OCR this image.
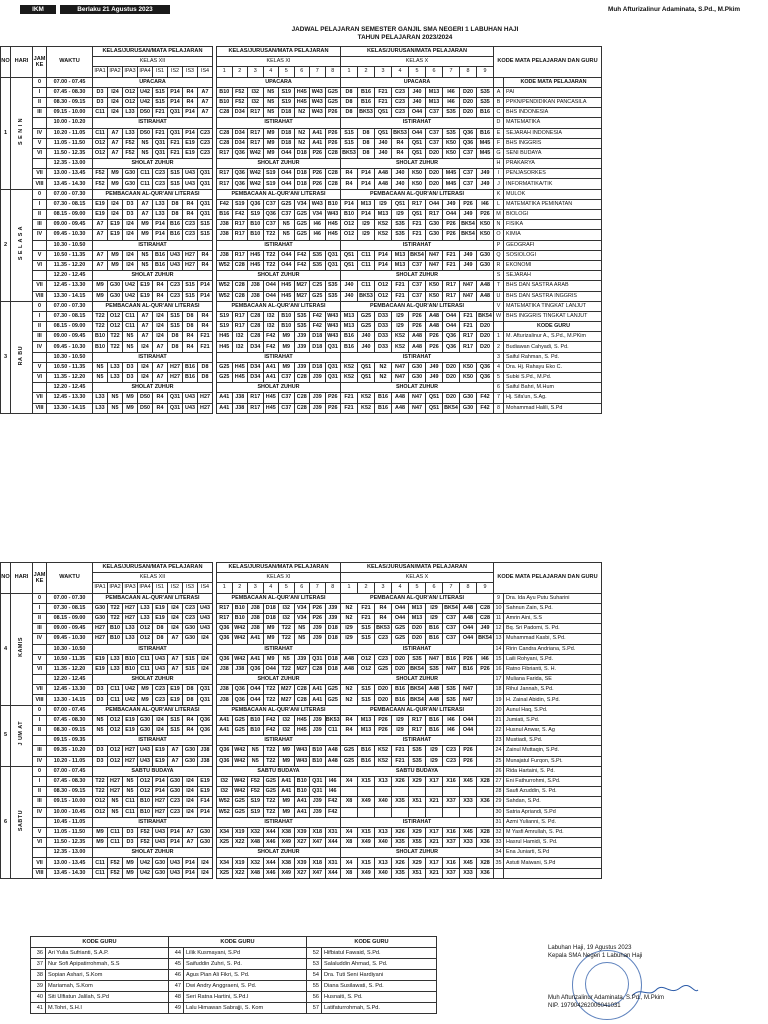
IKM	Berlaku 21 Agustus 2023	Muh Afturizalinur Adaminata, S.Pd., M.Pkim
JADWAL PELAJARAN SEMESTER GANJIL SMA NEGERI 1 LABUHAN HAJI
TAHUN PELAJARAN 2023/2024
NO	HARI	JAM KE	WAKTU	KELAS/JURUSAN/MATA PELAJARAN									KELAS/JURUSAN/MATA PELAJARAN								KELAS/JURUSAN/MATA PELAJARAN									KODE MATA PELAJARAN DAN GURU	
				KELAS XII									KELAS XI								KELAS X										
				IPA1	IPA2	IPA3	IPA4	IS1	IS2	IS3	IS4		1	2	3	4	5	6	7	8	1	2	3	4	5	6	7	8	9		
1	S E N I N	0	07.00 - 07.45	UPACARA									UPACARA								UPACARA										KODE MATA PELAJARAN
		I	07.45 - 08.30	D3	I24	O12	U42	S15	P14	R4	A7		B10	F52	I32	N5	S19	H45	W43	G25	D8	B16	F21	C23	J40	M13	I46	D20	S35	A	PAI
		II	08.30 - 09.15	D3	I24	O12	U42	S15	P14	R4	A7		B10	F52	I32	N5	S19	H45	W43	G25	D8	B16	F21	C23	J40	M13	I46	D20	S35	B	PPKN/PENDIDIKAN PANCASILA
		III	09.15 - 10.00	C11	I24	L33	D50	F21	Q31	P14	A7		C28	D34	R17	N5	D18	N2	W43	P26	D8	BK53	Q51	C23	O44	C37	S35	D20	B16	C	BHS INDONESIA
			10.00 - 10.20	ISTIRAHAT									ISTIRAHAT								ISTIRAHAT									D	MATEMATIKA
		IV	10.20 - 11.05	C11	A7	L33	D50	F21	Q31	P14	C23		C28	D34	R17	M9	D18	N2	A41	P26	S15	D8	Q51	BK53	O44	C37	S35	Q36	B16	E	SEJARAH INDONESIA
		V	11.05 - 11.50	O12	A7	F52	N5	Q31	F21	E19	C23		C28	D34	R17	M9	D18	N2	A41	P26	S15	D8	J40	R4	Q51	C37	K50	Q36	M45	F	BHS INGGRIS
		VI	11.50 - 12.35	O12	A7	F52	N5	Q31	F21	E19	C23		R17	Q36	W42	M9	O44	D18	P26	C28	BK53	D8	J40	R4	Q51	D20	K50	C37	M45	G	SENI BUDAYA
			12.35 - 13.00	SHOLAT ZUHUR									SHOLAT ZUHUR								SHOLAT ZUHUR									H	PRAKARYA
		VII	13.00 - 13.45	F52	M9	G30	C11	C23	S15	U43	Q31		R17	Q36	W42	S19	O44	D18	P26	C28	R4	P14	A48	J40	K50	D20	M45	C37	J49	I	PENJASORKES
		VIII	13.45 - 14.30	F52	M9	G30	C11	C23	S15	U43	Q31		R17	Q36	W42	S19	O44	D18	P26	C28	R4	P14	A48	J40	K50	D20	M45	C37	J49	J	INFORMATIKA/TIK
2	S E L A S A	0	07.00 - 07.30	PEMBACAAN AL-QUR'AN/ LITERASI									PEMBACAAN AL-QUR'AN/ LITERASI								PEMBACAAN AL-QUR'AN/ LITERASI									K	MULOK
		I	07.30 - 08.15	E19	I24	D3	A7	L33	D8	R4	Q31		F42	S19	Q36	C37	G25	V34	W43	B10	P14	M13	I29	Q51	R17	O44	J49	P26	I46	L	MATEMATIKA PEMINATAN
		II	08.15 - 09.00	E19	I24	D3	A7	L33	D8	R4	Q31		B16	F42	S19	Q36	C37	G25	V34	W43	B10	P14	M13	I29	Q51	R17	O44	J49	P26	M	BIOLOGI
		III	09.00 - 09.45	A7	E19	I24	M9	P14	B16	C23	S15		J38	R17	B10	C37	N5	G25	I46	H45	O12	I29	K52	S35	F21	G30	P26	BK54	K50	N	FISIKA
		IV	09.45 - 10.30	A7	E19	I24	M9	P14	B16	C23	S15		J38	R17	B10	T22	N5	G25	I46	H45	O12	I29	K52	S35	F21	G30	P26	BK54	K50	O	KIMIA
			10.30 - 10.50	ISTIRAHAT									ISTIRAHAT								ISTIRAHAT									P	GEOGRAFI
		V	10.50 - 11.35	A7	M9	I24	N5	B16	U43	H27	R4		J38	R17	H45	T22	O44	F42	S35	Q31	Q51	C11	P14	M13	BK54	N47	F21	J49	G30	Q	SOSIOLOGI
		VI	11.35 - 12.20	A7	M9	I24	N5	B16	U43	H27	R4		W52	C28	H45	T22	O44	F42	S35	Q31	Q51	C11	P14	M13	C37	N47	F21	J49	G30	R	EKONOMI
			12.20 - 12.45	SHOLAT ZUHUR									SHOLAT ZUHUR								SHOLAT ZUHUR									S	SEJARAH
		VII	12.45 - 13.30	M9	G30	U42	E19	R4	C23	S15	P14		W52	C28	J38	O44	H45	M27	C25	S35	J40	C11	O12	F21	C37	K50	R17	N47	A48	T	BHS DAN SASTRA ARAB
		VIII	13.30 - 14.15	M9	G30	U42	E19	R4	C23	S15	P14		W52	C28	J38	O44	H45	M27	G25	S35	J40	BK53	O12	F21	C37	K50	R17	N47	A48	U	BHS DAN SASTRA INGGRIS
3	RA BU	0	07.00 - 07.30	PEMBACAAN AL-QUR'AN/ LITERASI									PEMBACAAN AL-QUR'AN/ LITERASI								PEMBACAAN AL-QUR'AN/ LITERASI									V	MATEMATIKA TINGKAT LANJUT
		I	07.30 - 08.15	T22	O12	C11	A7	I24	S15	D8	R4		S19	R17	C28	I32	B10	S35	F42	W43	M13	G25	D33	I29	P26	A48	O44	F21	BK54	W	BHS INGGRIS TINGKAT LANJUT
		II	08.15 - 09.00	T22	O12	C11	A7	I24	S15	D8	R4		S19	R17	C28	I32	B10	S35	F42	W43	M13	G25	D33	I29	P26	A48	O44	F21	D20		KODE GURU
		III	09.00 - 09.45	B10	T22	N5	A7	I24	D8	R4	F21		H45	I32	C28	F42	M9	J39	D18	W43	B16	J40	D33	K52	A48	P26	Q36	R17	D20	1	M. Afturizalinur A., S.Pd., M.PKim
		IV	09.45 - 10.30	B10	T22	N5	I24	A7	D8	R4	F21		H45	I32	D34	F42	M9	J39	D18	Q31	B16	J40	D33	K52	A48	P26	Q36	R17	D20	2	Budiawan Cahyadi, S. Pd.
			10.30 - 10.50	ISTIRAHAT									ISTIRAHAT								ISTIRAHAT									3	Saiful Rahman, S. Pd.
		V	10.50 - 11.35	N5	L33	D3	I24	A7	H27	B16	D8		G25	H45	D34	A41	M9	J39	D18	Q31	K52	Q51	N2	N47	G30	J49	D20	K50	Q36	4	Dra. Hj. Rahayu Eko C.
		VI	11.35 - 12.20	N5	L33	D3	I24	A7	H27	B16	D8		G25	H45	D34	A41	C37	C28	J39	Q31	K52	Q51	N2	N47	G30	J49	D20	K50	Q36	5	Subki S.Pd., M.Pd.
			12.20 - 12.45	SHOLAT ZUHUR									SHOLAT ZUHUR								SHOLAT ZUHUR									6	Saiful Bahri, M.Hum
		VII	12.45 - 13.30	L33	N5	M9	D50	R4	Q31	U43	H27		A41	J38	R17	H45	C37	C28	J39	P26	F21	K52	B16	A48	N47	Q51	D20	G30	F42	7	Hj. Sifa'un, S.Ag.
		VIII	13.30 - 14.15	L33	N5	M9	D50	R4	Q31	U43	H27		A41	J38	R17	H45	C37	C28	J39	P26	F21	K52	B16	A48	N47	Q51	BK54	G30	F42	8	Mohammad Halili, S.Pd
NO	HARI	JAM KE	WAKTU	KELAS/JURUSAN/MATA PELAJARAN									KELAS/JURUSAN/MATA PELAJARAN								KELAS/JURUSAN/MATA PELAJARAN									KODE MATA PELAJARAN DAN GURU	
				KELAS XII									KELAS XI								KELAS X										
				IPA1	IPA2	IPA3	IPA4	IS1	IS2	IS3	IS4		1	2	3	4	5	6	7	8	1	2	3	4	5	6	7	8	9		
4	KAMIS	0	07.00 - 07.30	PEMBACAAN AL-QUR'AN/ LITERASI									PEMBACAAN AL-QUR'AN/ LITERASI								PEMBACAAN AL-QUR'AN/ LITERASI									9	Dra. Ida Ayu Putu Suharini
		I	07.30 - 08.15	G30	T22	H27	L33	E19	I24	C23	U43		R17	B10	J38	D18	I32	V34	P26	J39	N2	F21	R4	O44	M13	I29	BK54	A48	C28	10	Sahnun Zain, S.Pd.
		II	08.15 - 09.00	G30	T22	H27	L33	E19	I24	C23	U43		R17	B10	J38	D18	I32	V34	P26	J39	N2	F21	R4	O44	M13	I29	C37	A48	C28	11	Amrin Aini, S.S
		III	09.00 - 09.45	H27	B10	L33	O12	D8	I24	G30	U43		Q36	W42	J38	M9	T22	N5	J39	D18	I29	S15	BK53	G25	D20	B16	C37	O44	J49	12	Bq. Sri Padomi, S. Pd.
		IV	09.45 - 10.30	H27	B10	L33	O12	D8	A7	G30	I24		Q36	W42	A41	M9	T22	N5	J39	D18	I29	S15	C23	G25	D20	B16	C37	O44	BK54	13	Muhammad Kasbi, S.Pd.
			10.30 - 10.50	ISTIRAHAT									ISTIRAHAT								ISTIRAHAT									14	Ririn Candra Andriana, S.Pd.
		V	10.50 - 11.35	E19	L33	B10	C11	U43	A7	S15	I24		Q36	W42	A41	M9	N5	J39	Q31	D18	A48	O12	C23	D20	S35	N47	B16	P26	I46	15	Laili Rohyani, S.Pd.
		VI	11.35 - 12.20	E19	L33	B10	C11	U43	A7	S15	I24		J38	J38	Q36	O44	T22	M27	C28	D18	A48	O12	G25	D20	BK54	S35	N47	B16	P26	16	Ratno Fibrianti, S. H.
			12.20 - 12.45	SHOLAT ZUHUR									SHOLAT ZUHUR								SHOLAT ZUHUR									17	Muliana Farida, SE
		VII	12.45 - 13.30	D3	C11	U42	M9	C23	E19	D8	Q31		J38	Q36	O44	T22	M27	C28	A41	G25	N2	S15	D20	B16	BK54	A48	S35	N47		18	Rihul Jannah, S.Pd.
		VIII	13.30 - 14.15	D3	C11	U42	M9	C23	E19	D8	Q31		J38	Q36	O44	T22	M27	C28	A41	G25	N2	S15	D20	B16	BK54	A48	S35	N47		19	H. Zainal Abidin, S.Pd.
5	J UM AT	0	07.00 - 07.45	PEMBACAAN AL-QUR'AN/ LITERASI									PEMBACAAN AL-QUR'AN/ LITERASI								PEMBACAAN AL-QUR'AN/ LITERASI									20	Aunul Haq, S.Pd.
		I	07.45 - 08.30	N5	O12	E19	G30	I24	S15	R4	Q36		A41	G25	B10	F42	I32	H45	J39	BK53	R4	M13	P26	I29	R17	B16	I46	O44		21	Jumiati, S.Pd.
		II	08.30 - 09.15	N5	O12	E19	G30	I24	S15	R4	Q36		A41	G25	B10	F42	I32	H45	J39	C11	R4	M13	P26	I29	R17	B16	I46	O44		22	Husnul Anwar, S. Ag
			09.15 - 09.35	ISTIRAHAT									ISTIRAHAT								ISTIRAHAT									23	Mustiadi, S.Pd.
		III	09.35 - 10.20	D3	O12	H27	U43	E19	A7	G30	J38		Q36	W42	N5	T22	M9	W43	B10	A48	G25	B16	K52	F21	S35	I29	C23	P26		24	Zainul Muttaqin, S.Pd.
		IV	10.20 - 11.05	D3	O12	H27	U43	E19	A7	G30	J38		Q36	W42	N5	T22	M9	W43	B10	A48	G25	B16	K52	F21	S35	I29	C23	P26		25	Munajatul Furqon, S.Pt.
6	SABTU	0	07.00 - 07.45	SABTU BUDAYA									SABTU BUDAYA								SABTU BUDAYA									26	Rida Hartaini, S. Pd.
		I	07.45 - 08.30	T22	H27	N5	O12	P14	G30	I24	E19		I32	W42	F52	G25	A41	B10	Q31	I46	X4	X15	X13	X26	X29	X17	X16	X45	X28	27	Eni Fathurrohmi, S.Pd.
		II	08.30 - 09.15	T22	H27	N5	O12	P14	G30	I24	E19		I32	W42	F52	G25	A41	B10	Q31	I46										28	Saufi Azuddin, S. Pd.
		III	09.15 - 10.00	O12	N5	C11	B10	H27	C23	I24	F14		W52	G25	S19	T22	M9	A41	J39	F42	X8	X49	X40	X35	X51	X21	X37	X33	X36	29	Sahdan, S.Pd.
		IV	10.00 - 10.45	O12	N5	C11	B10	H27	C23	I24	P14		W52	G25	S19	T22	M9	A41	J39	F42										30	Satria Apriandi, S.Pd
			10.45 - 11.05	ISTIRAHAT									ISTIRAHAT								ISTIRAHAT									31	Azmi Yulianni, S. Pd.
		V	11.05 - 11.50	M9	C11	D3	F52	U43	P14	A7	G30		X34	X19	X32	X44	X38	X39	X18	X31	X4	X15	X13	X26	X29	X17	X16	X45	X28	32	M Yasfi Amrullah, S. Pd.
		VI	11.50 - 12.35	M9	C11	D3	F52	U43	P14	A7	G30		X25	X22	X48	X46	X49	X27	X47	X44	X8	X49	X40	X35	X55	X21	X37	X33	X36	33	Hasrul Hamidi, S. Pd.
			12.35 - 13.00	SHOLAT ZUHUR									SHOLAT ZUHUR								SHOLAT ZUHUR									34	Ena Juniarti, S.Pd
		VII	13.00 - 13.45	C11	F52	M9	U42	G30	U43	P14	I24		X34	X19	X32	X44	X38	X39	X18	X31	X4	X15	X13	X26	X29	X17	X16	X45	X28	35	Astuti Maiwani, S.Pd
		VIII	13.45 - 14.30	C11	F52	M9	U42	G30	U43	P14	I24		X25	X22	X48	X46	X49	X27	X47	X44	X8	X49	X40	X35	X51	X21	X37	X33	X36		
KODE GURU		KODE GURU		KODE GURU	
36	Ari Yulia Sufrianti, S.A.P.	44	Lilik Kusmayani, S.Pd	52	Hifbiatul Fawaid, S.Pd.
37	Nur Sofi Apipatirrohmah, S.S	45	Saifuddin Zuhri, S. Pd.	53	Salaluddin Ahmad, S. Pd.
38	Sopian Ashari, S.Kom	46	Agus Pian Ali Fikri, S. Pd.	54	Dra. Tuti Seni Hardiyani
39	Mariamah, S.Kom	47	Dwi Andry Anggraeni, S. Pd.	55	Diana Susilawati, S. Pd.
40	Siti Ulfiatun Jalilah, S.Pd	48	Seri Ratna Hartini, S.Pd.I	56	Husnaiti, S. Pd.
41	M.Tohri, S.H.I	49	Lalu Himawan Sabrajji, S. Kom	57	Latifaturrohmah, S.Pd.
Labuhan Haji, 19 Agustus 2023
Kepala SMA Negeri 1 Labuhan Haji
Muh Afturizalinur Adaminata, S.Pd., M.Pkim
NIP. 197904262006041031
